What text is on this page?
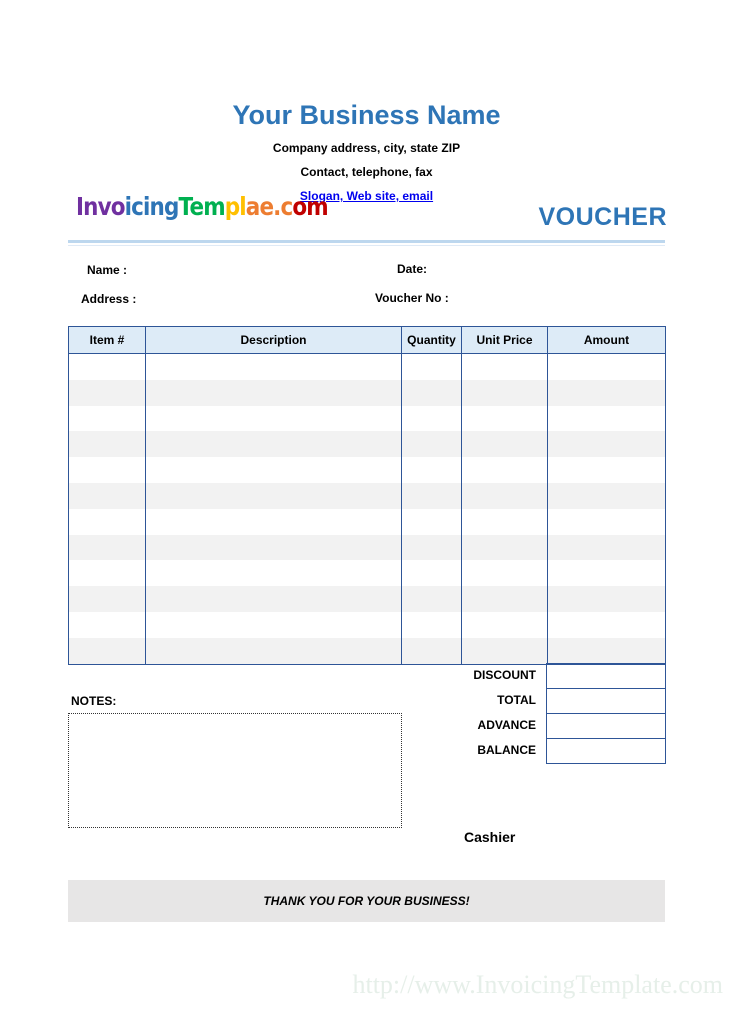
Your Business Name
Company address, city, state ZIP
Contact, telephone, fax
Slogan, Web site, email
InvoicingTemplae.com	VOUCHER
Name :
Address :
Date:
Voucher No :
Item #	Description	Quantity	Unit Price	Amount

DISCOUNT
TOTAL
ADVANCE
BALANCE
NOTES:
Cashier
THANK YOU FOR YOUR BUSINESS!
http://www.InvoicingTemplate.com
